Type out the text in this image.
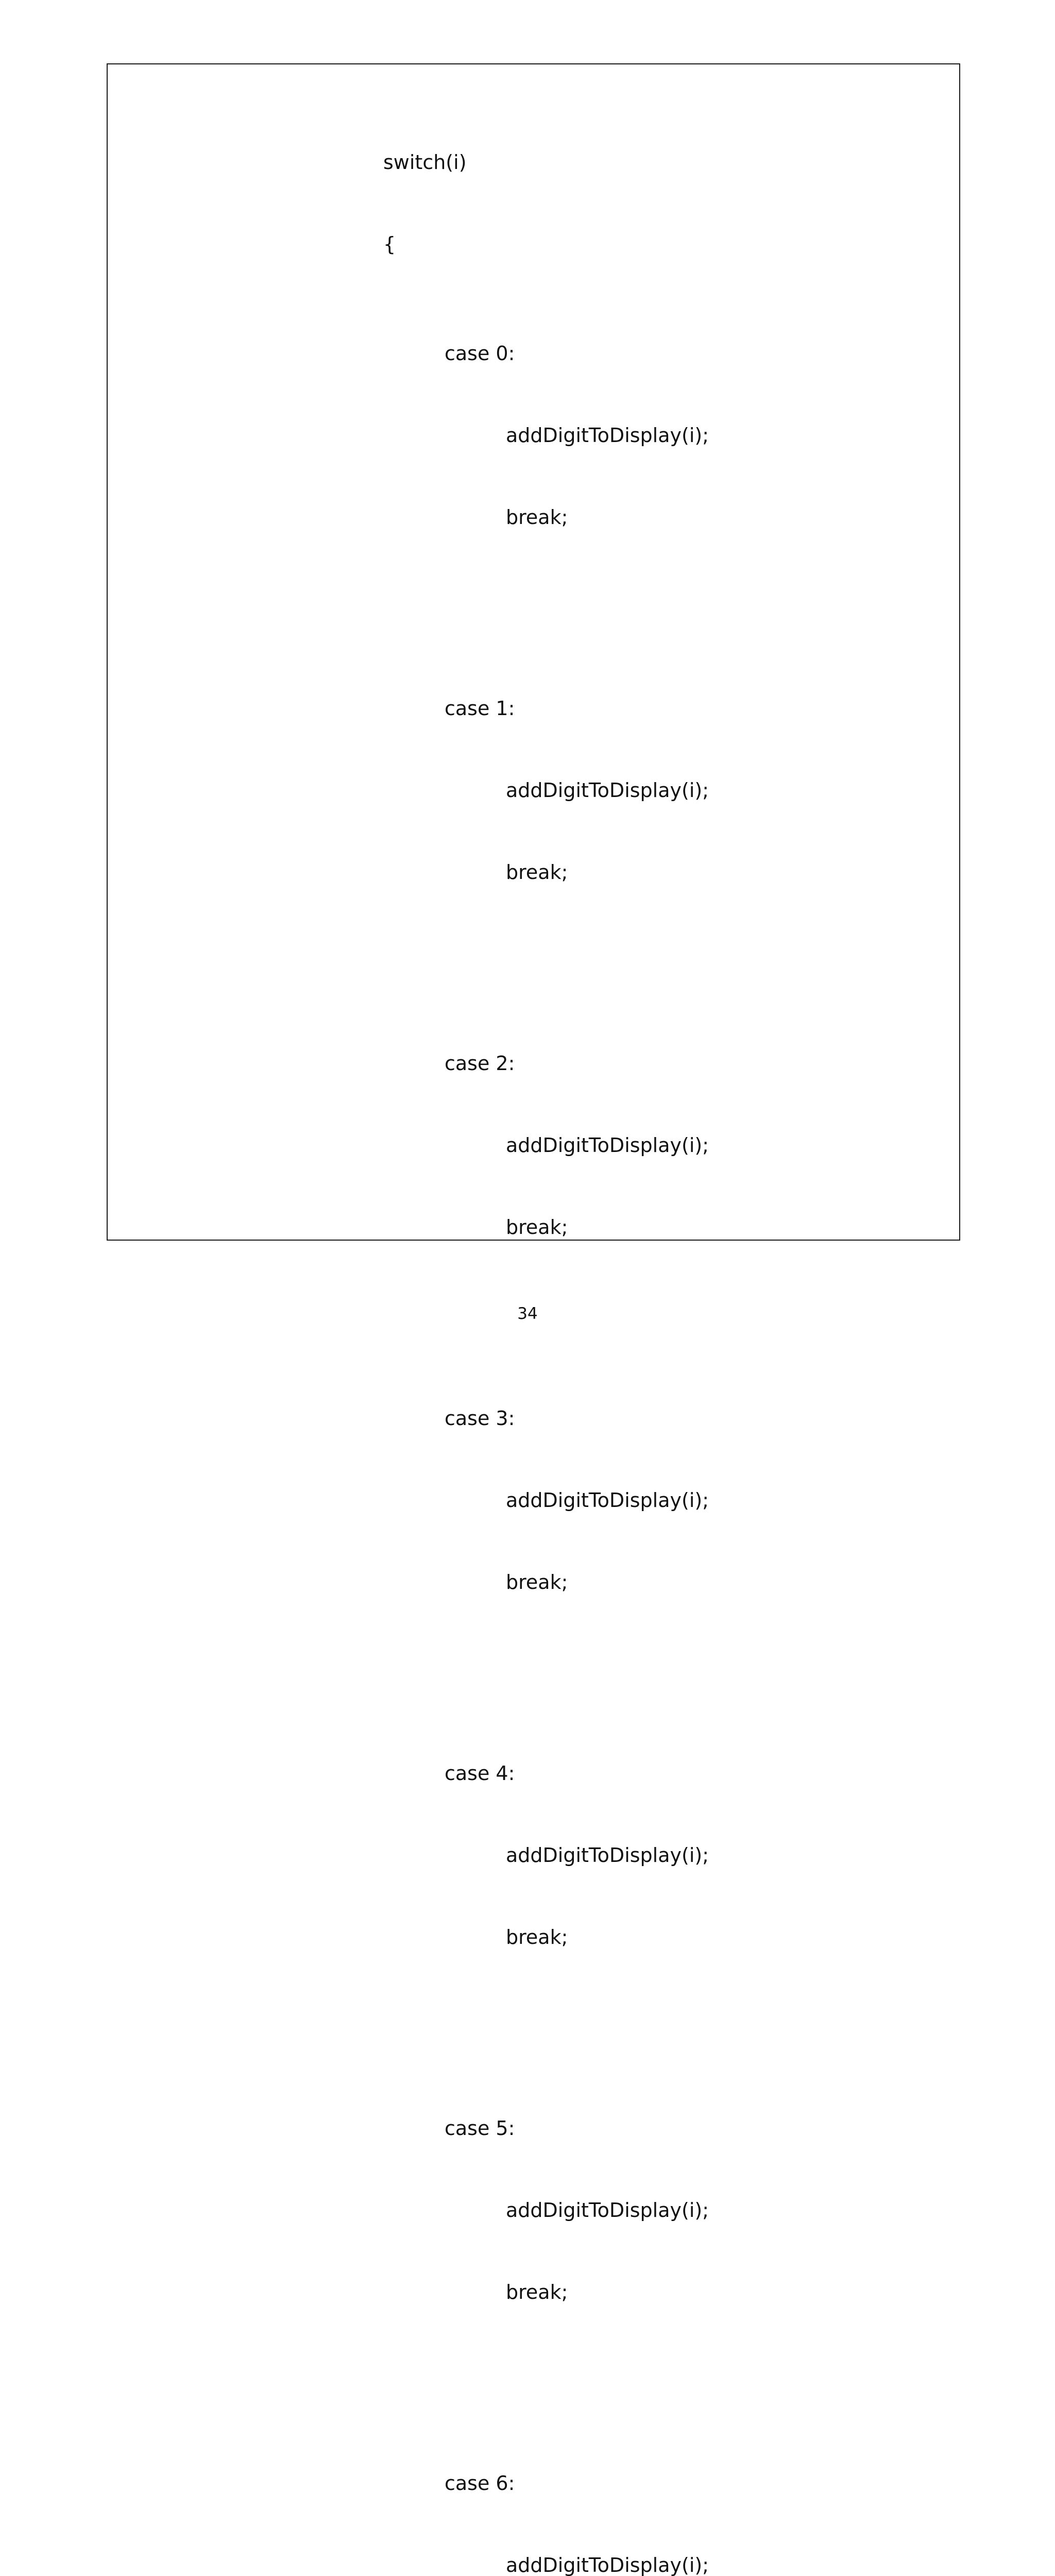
switch(i)

{

case 0:

addDigitToDisplay(i);

break;

case 1:

addDigitToDisplay(i);

break;

case 2:

addDigitToDisplay(i);

break;

case 3:

addDigitToDisplay(i);

break;

case 4:

addDigitToDisplay(i);

break;

case 5:

addDigitToDisplay(i);

break;

case 6:

addDigitToDisplay(i);

34
